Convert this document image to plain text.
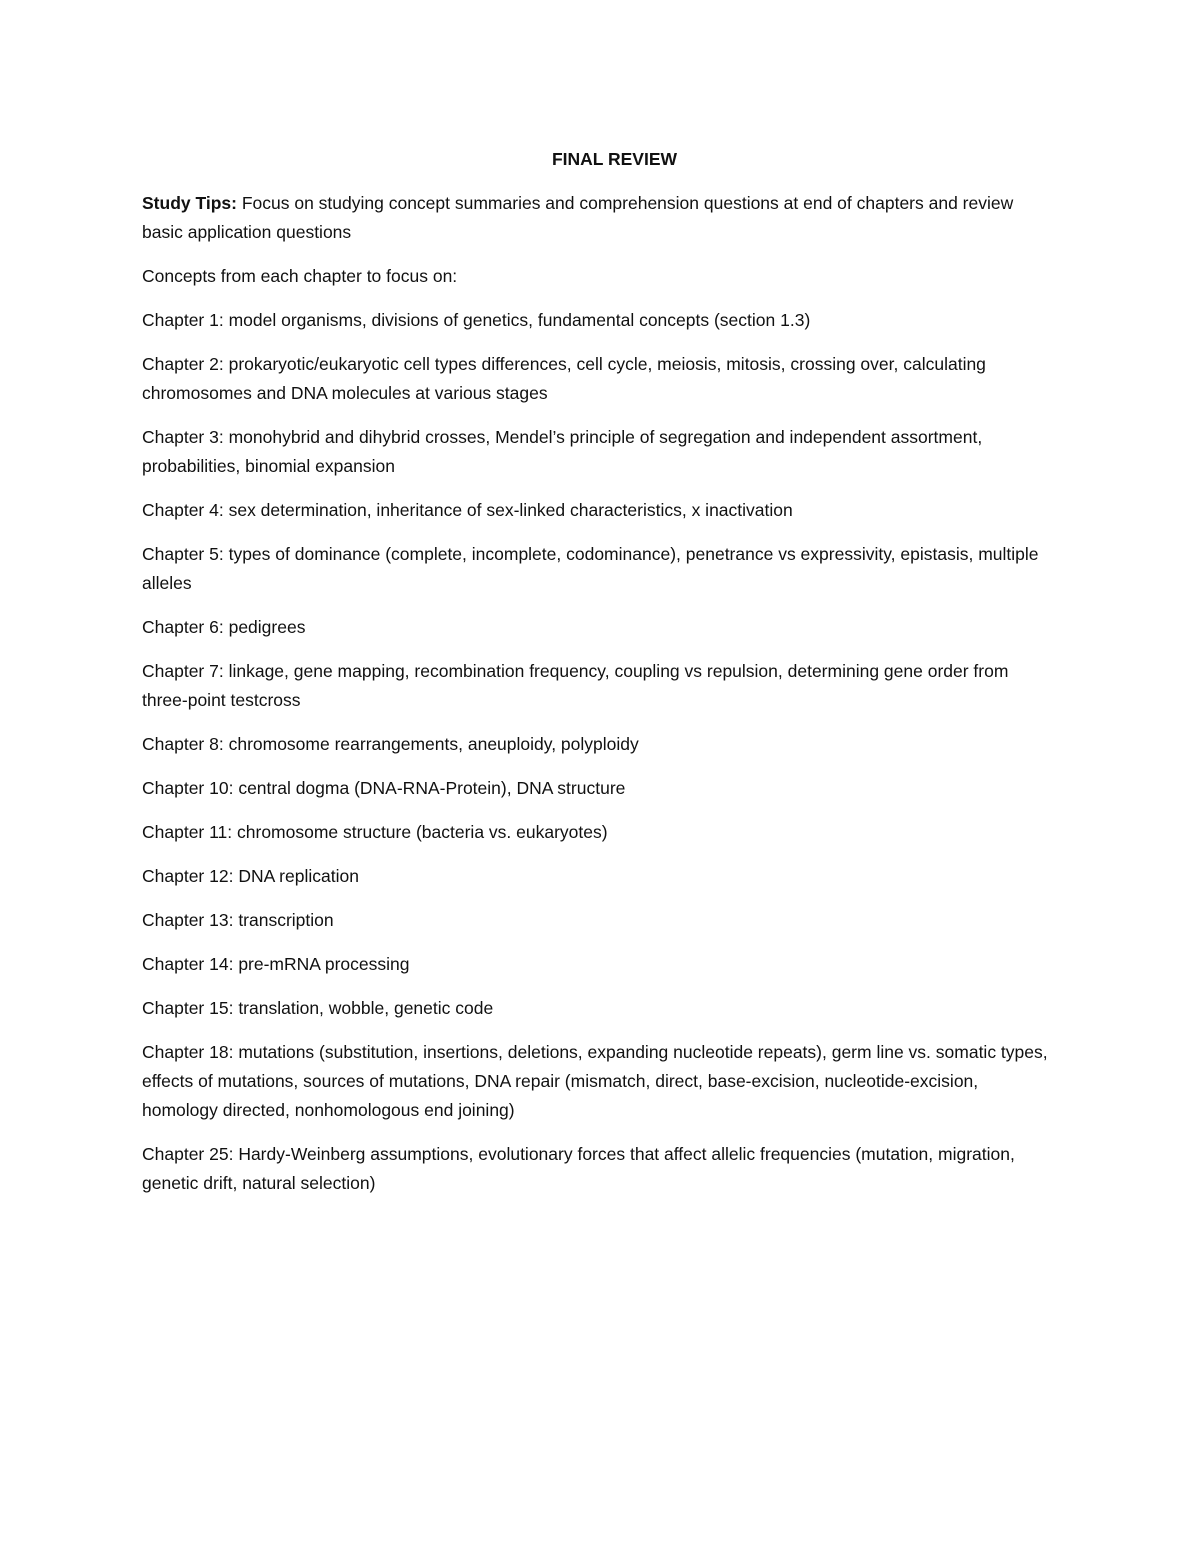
FINAL REVIEW

Study Tips: Focus on studying concept summaries and comprehension questions at end of chapters and review basic application questions

Concepts from each chapter to focus on:

Chapter 1: model organisms, divisions of genetics, fundamental concepts (section 1.3)
Chapter 2: prokaryotic/eukaryotic cell types differences, cell cycle, meiosis, mitosis, crossing over, calculating chromosomes and DNA molecules at various stages
Chapter 3: monohybrid and dihybrid crosses, Mendel’s principle of segregation and independent assortment, probabilities, binomial expansion
Chapter 4: sex determination, inheritance of sex-linked characteristics, x inactivation
Chapter 5: types of dominance (complete, incomplete, codominance), penetrance vs expressivity, epistasis, multiple alleles
Chapter 6: pedigrees
Chapter 7: linkage, gene mapping, recombination frequency, coupling vs repulsion, determining gene order from three-point testcross
Chapter 8: chromosome rearrangements, aneuploidy, polyploidy
Chapter 10: central dogma (DNA-RNA-Protein), DNA structure
Chapter 11: chromosome structure (bacteria vs. eukaryotes)
Chapter 12: DNA replication
Chapter 13: transcription
Chapter 14: pre-mRNA processing
Chapter 15: translation, wobble, genetic code
Chapter 18: mutations (substitution, insertions, deletions, expanding nucleotide repeats), germ line vs. somatic types, effects of mutations, sources of mutations, DNA repair (mismatch, direct, base-excision, nucleotide-excision, homology directed, nonhomologous end joining)
Chapter 25: Hardy-Weinberg assumptions, evolutionary forces that affect allelic frequencies (mutation, migration, genetic drift, natural selection)
